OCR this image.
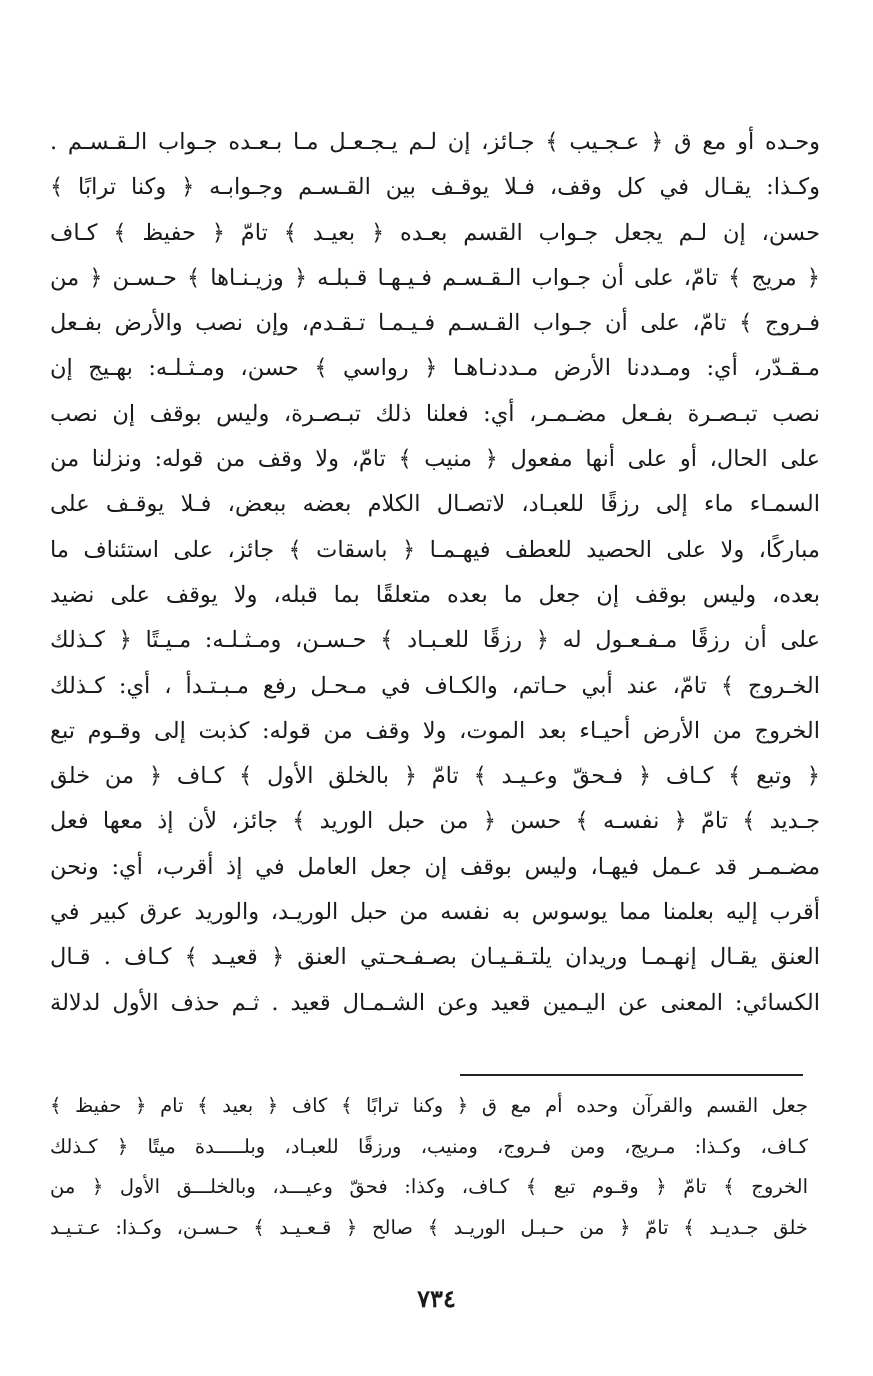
وحـده أو مع ق ﴿ عـجـيب ﴾ جـائز، إن لـم يـجـعـل مـا بـعـده جـواب الـقـسـم .
وكـذا: يقـال في كل وقف، فـلا يوقـف بين القـسـم وجـوابـه ﴿ وكنا ترابًا ﴾
حسن، إن لـم يجعل جـواب القسم بعـده ﴿ بعيـد ﴾ تامّ ﴿ حفيظ ﴾ كـاف
﴿ مريج ﴾ تامّ، على أن جـواب الـقـسـم فـيـهـا قـبلـه ﴿ وزيـنـاها ﴾ حـسـن ﴿ من
فـروج ﴾ تامّ، على أن جـواب القـسـم فـيـمـا تـقـدم، وإن نصب والأرض بفـعل
مـقـدّر، أي: ومـددنا الأرض مـددنـاهـا ﴿ رواسي ﴾ حسن، ومـثـلـه: بهـيج إن
نصب تبـصـرة بفـعل مضـمـر، أي: فعلنا ذلك تبـصـرة، وليس بوقف إن نصب
على الحال، أو على أنها مفعول ﴿ منيب ﴾ تامّ، ولا وقف من قوله: ونزلنا من
السمـاء ماء إلى رزقًا للعبـاد، لاتصـال الكلام بعضه ببعض، فـلا يوقـف على
مباركًا، ولا على الحصيد للعطف فيهـمـا ﴿ باسقات ﴾ جائز، على استئناف ما
بعده، وليس بوقف إن جعل ما بعده متعلقًا بما قبله، ولا يوقف على نضيد
على أن رزقًا مـفـعـول له ﴿ رزقًا للعـبـاد ﴾ حـسـن، ومـثـلـه: مـيـتًا ﴿ كـذلك
الخـروج ﴾ تامّ، عند أبي حـاتم، والكـاف في مـحـل رفع مـبـتـدأ ، أي: كـذلك
الخروج من الأرض أحيـاء بعد الموت، ولا وقف من قوله: كذبت إلى وقـوم تبع
﴿ وتبع ﴾ كـاف ﴿ فـحقّ وعـيـد ﴾ تامّ ﴿ بالخلق الأول ﴾ كـاف ﴿ من خلق
جـديد ﴾ تامّ ﴿ نفسـه ﴾ حسن ﴿ من حبل الوريد ﴾ جائز، لأن إذ معها فعل
مضـمـر قد عـمل فيهـا، وليس بوقف إن جعل العامل في إذ أقرب، أي: ونحن
أقرب إليه بعلمنا مما يوسوس به نفسه من حبل الوريـد، والوريد عرق كبير في
العنق يقـال إنهـمـا وريدان يلتـقـيـان بصـفـحـتي العنق ﴿ قعيـد ﴾ كـاف . قـال
الكسائي: المعنى عن اليـمين قعيد وعن الشـمـال قعيد . ثـم حذف الأول لدلالة
جعل القسم والقرآن وحده أم مع ق ﴿ وكنا ترابًا ﴾ كاف ﴿ بعيد ﴾ تام ﴿ حفيظ ﴾
كـاف، وكـذا: مـريج، ومن فـروج، ومنيب، ورزقًا للعبـاد، وبلـــــدة ميتًا ﴿ كـذلك
الخروج ﴾ تامّ ﴿ وقـوم تبع ﴾ كـاف، وكذا: فحقّ وعيـــد، وبالخلـــق الأول ﴿ من
خلق جـديـد ﴾ تامّ ﴿ من حـبـل الوريـد ﴾ صالح ﴿ قـعـيـد ﴾ حـسـن، وكـذا: عـتـيـد
٧٣٤
